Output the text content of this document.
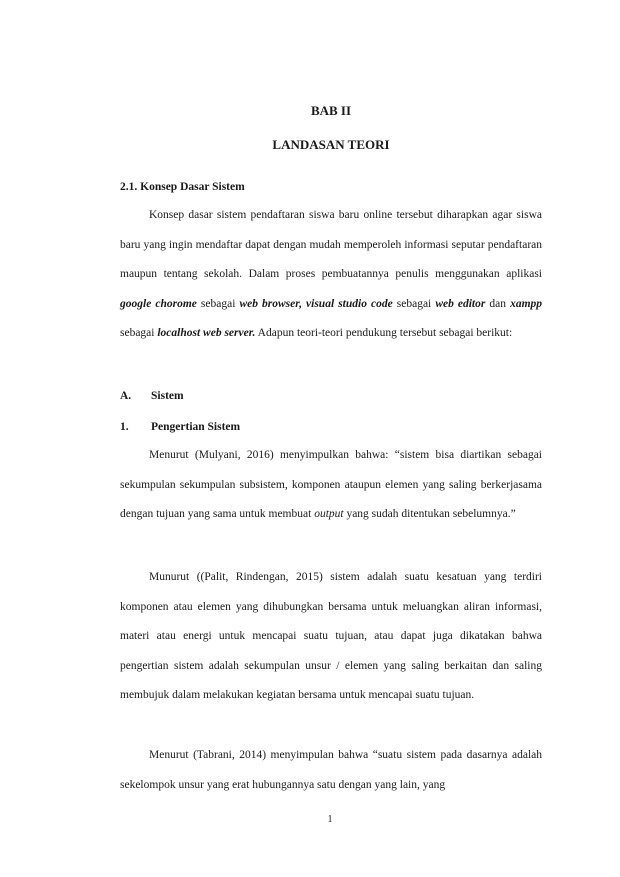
BAB II
LANDASAN TEORI
2.1. Konsep Dasar Sistem

Konsep dasar sistem pendaftaran siswa baru online tersebut diharapkan agar siswa baru yang ingin mendaftar dapat dengan mudah memperoleh informasi seputar pendaftaran maupun tentang sekolah. Dalam proses pembuatannya penulis menggunakan aplikasi google chorome sebagai web browser, visual studio code sebagai web editor dan xampp sebagai localhost web server. Adapun teori-teori pendukung tersebut sebagai berikut:

A. Sistem
1. Pengertian Sistem

Menurut (Mulyani, 2016) menyimpulkan bahwa: “sistem bisa diartikan sebagai sekumpulan sekumpulan subsistem, komponen ataupun elemen yang saling berkerjasama dengan tujuan yang sama untuk membuat output yang sudah ditentukan sebelumnya.”

Munurut ((Palit, Rindengan, 2015) sistem adalah suatu kesatuan yang terdiri komponen atau elemen yang dihubungkan bersama untuk meluangkan aliran informasi, materi atau energi untuk mencapai suatu tujuan, atau dapat juga dikatakan bahwa pengertian sistem adalah sekumpulan unsur / elemen yang saling berkaitan dan saling membujuk dalam melakukan kegiatan bersama untuk mencapai suatu tujuan.

Menurut (Tabrani, 2014) menyimpulan bahwa “suatu sistem pada dasarnya adalah sekelompok unsur yang erat hubungannya satu dengan yang lain, yang

1
